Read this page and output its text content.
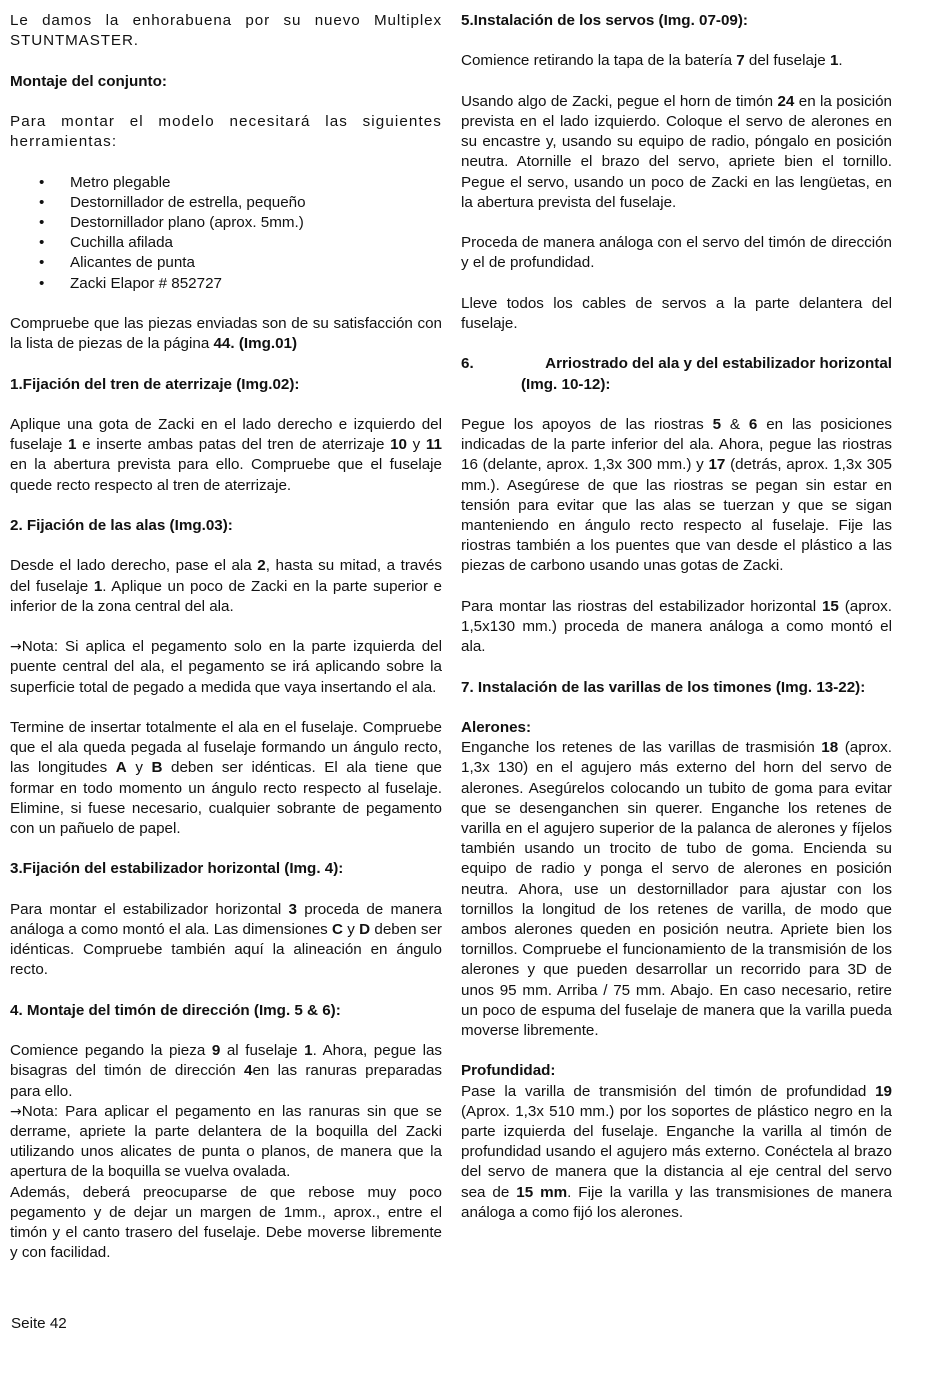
Le damos la enhorabuena por su nuevo Multiplex STUNTMASTER.

Montaje del conjunto:

Para montar el modelo necesitará las siguientes herramientas:

• Metro plegable
• Destornillador de estrella, pequeño
• Destornillador plano (aprox. 5mm.)
• Cuchilla afilada
• Alicantes de punta
• Zacki Elapor # 852727

Compruebe que las piezas enviadas son de su satisfacción con la lista de piezas de la página 44. (Img.01)

1.Fijación del tren de aterrizaje (Img.02):

Aplique una gota de Zacki en el lado derecho e izquierdo del fuselaje 1 e inserte ambas patas del tren de aterrizaje 10 y 11 en la abertura prevista para ello. Compruebe que el fuselaje quede recto respecto al tren de aterrizaje.

2. Fijación de las alas (Img.03):

Desde el lado derecho, pase el ala 2, hasta su mitad, a través del fuselaje 1. Aplique un poco de Zacki en la parte superior e inferior de la zona central del ala.

→Nota: Si aplica el pegamento solo en la parte izquierda del puente central del ala, el pegamento se irá aplicando sobre la superficie total de pegado a medida que vaya insertando el ala.

Termine de insertar totalmente el ala en el fuselaje. Compruebe que el ala queda pegada al fuselaje formando un ángulo recto, las longitudes A y B deben ser idénticas. El ala tiene que formar en todo momento un ángulo recto respecto al fuselaje. Elimine, si fuese necesario, cualquier sobrante de pegamento con un pañuelo de papel.

3.Fijación del estabilizador horizontal (Img. 4):

Para montar el estabilizador horizontal 3 proceda de manera análoga a como montó el ala. Las dimensiones C y D deben ser idénticas. Compruebe también aquí la alineación en ángulo recto.

4. Montaje del timón de dirección (Img. 5 & 6):

Comience pegando la pieza 9 al fuselaje 1. Ahora, pegue las bisagras del timón de dirección 4en las ranuras preparadas para ello.

→Nota: Para aplicar el pegamento en las ranuras sin que se derrame, apriete la parte delantera de la boquilla del Zacki utilizando unos alicates de punta o planos, de manera que la apertura de la boquilla se vuelva ovalada.

Además, deberá preocuparse de que rebose muy poco pegamento y de dejar un margen de 1mm., aprox., entre el timón y el canto trasero del fuselaje. Debe moverse libremente y con facilidad.

5.Instalación de los servos (Img. 07-09):

Comience retirando la tapa de la batería 7 del fuselaje 1.

Usando algo de Zacki, pegue el horn de timón 24 en la posición prevista en el lado izquierdo. Coloque el servo de alerones en su encastre y, usando su equipo de radio, póngalo en posición neutra. Atornille el brazo del servo, apriete bien el tornillo. Pegue el servo, usando un poco de Zacki en las lengüetas, en la abertura prevista del fuselaje.

Proceda de manera análoga con el servo del timón de dirección y el de profundidad.

Lleve todos los cables de servos a la parte delantera del fuselaje.

6.	Arriostrado del ala y del estabilizador horizontal
(Img. 10-12):

Pegue los apoyos de las riostras 5 & 6 en las posiciones indicadas de la parte inferior del ala. Ahora, pegue las riostras 16 (delante, aprox. 1,3x 300 mm.) y 17 (detrás, aprox. 1,3x 305 mm.). Asegúrese de que las riostras se pegan sin estar en tensión para evitar que las alas se tuerzan y que se sigan manteniendo en ángulo recto respecto al fuselaje. Fije las riostras también a los puentes que van desde el plástico a las piezas de carbono usando unas gotas de Zacki.

Para montar las riostras del estabilizador horizontal 15 (aprox. 1,5x130 mm.) proceda de manera análoga a como montó el ala.

7. Instalación de las varillas de los timones (Img. 13-22):
Alerones:

Enganche los retenes de las varillas de trasmisión 18 (aprox. 1,3x 130) en el agujero más externo del horn del servo de alerones. Asegúrelos colocando un tubito de goma para evitar que se desenganchen sin querer. Enganche los retenes de varilla en el agujero superior de la palanca de alerones y fíjelos también usando un trocito de tubo de goma. Encienda su equipo de radio y ponga el servo de alerones en posición neutra. Ahora, use un destornillador para ajustar con los tornillos la longitud de los retenes de varilla, de modo que ambos alerones queden en posición neutra. Apriete bien los tornillos. Compruebe el funcionamiento de la transmisión de los alerones y que pueden desarrollar un recorrido para 3D de unos 95 mm. Arriba / 75 mm. Abajo. En caso necesario, retire un poco de espuma del fuselaje de manera que la varilla pueda moverse libremente.

Profundidad:

Pase la varilla de transmisión del timón de profundidad 19 (Aprox. 1,3x 510 mm.) por los soportes de plástico negro en la parte izquierda del fuselaje. Enganche la varilla al timón de profundidad usando el agujero más externo. Conéctela al brazo del servo de manera que la distancia al eje central del servo sea de 15 mm. Fije la varilla y las transmisiones de manera análoga a como fijó los alerones.

Seite 42
